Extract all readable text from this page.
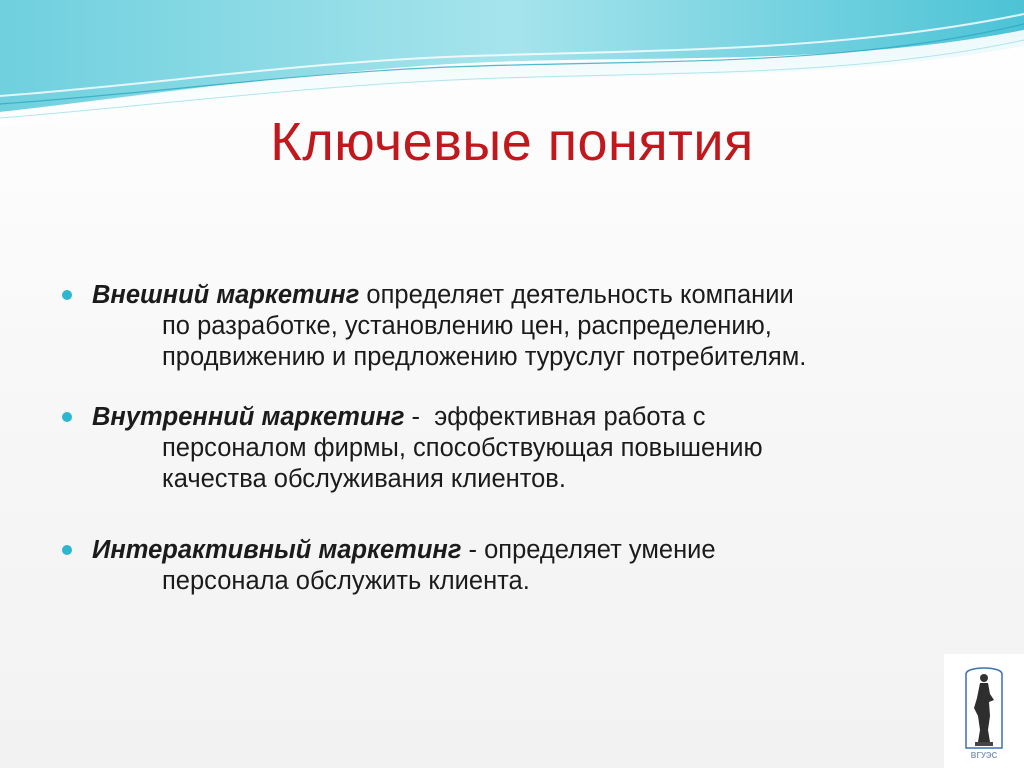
Ключевые понятия
Внешний маркетинг определяет деятельность компании
по разработке, установлению цен, распределению,
продвижению и предложению туруслуг потребителям.
Внутренний маркетинг -  эффективная работа с
персоналом фирмы, способствующая повышению
качества обслуживания клиентов.
Интерактивный маркетинг - определяет умение
персонала обслужить клиента.
ВГУЭС
